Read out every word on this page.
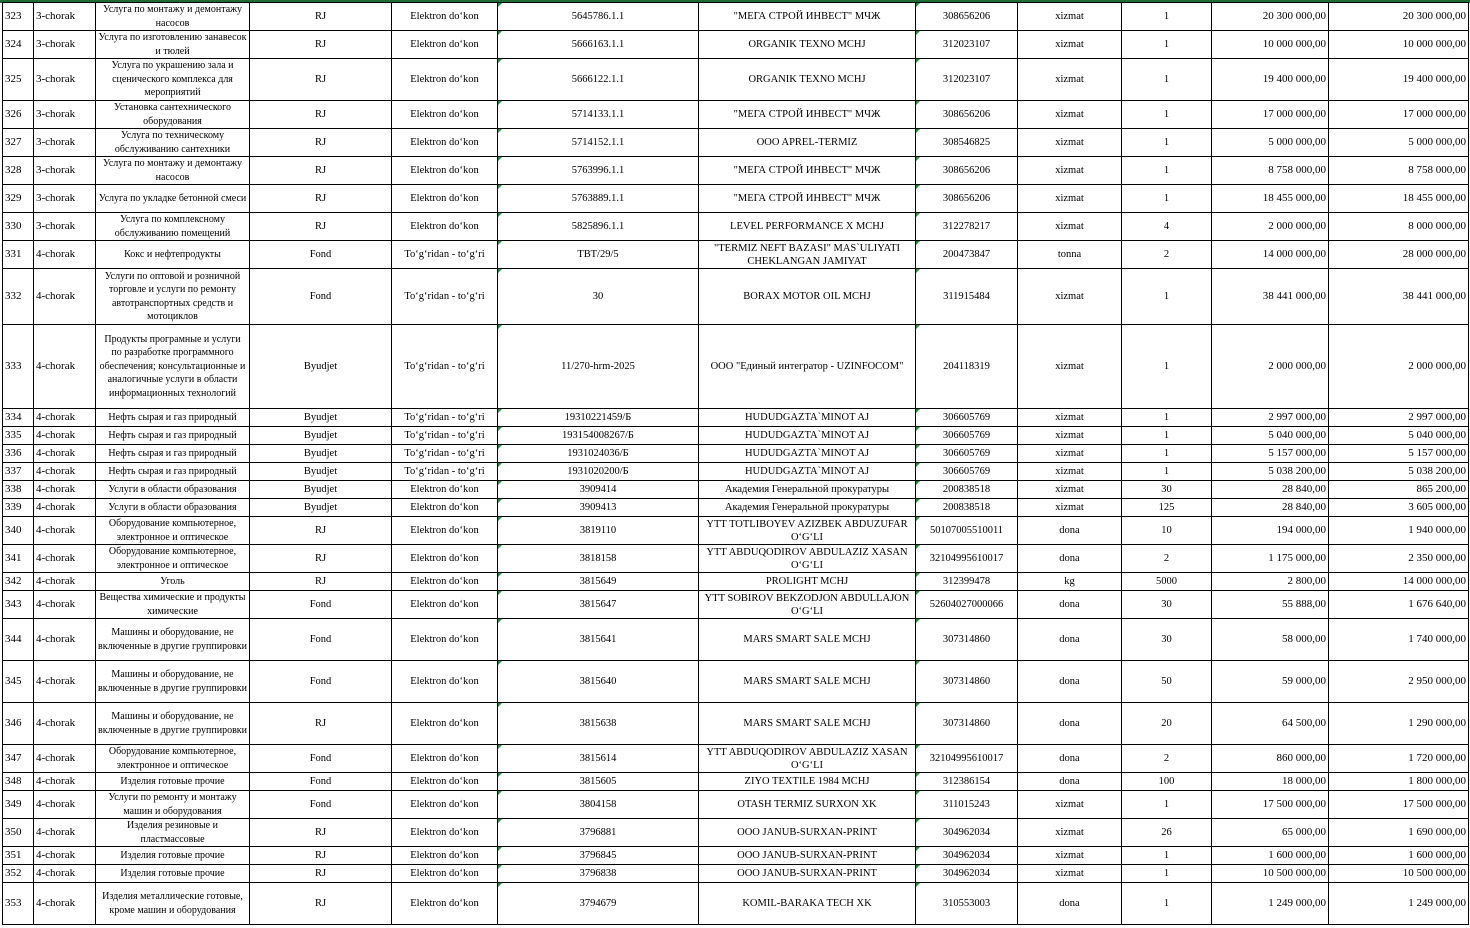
323	3-chorak	Услуга по монтажу и демонтажу насосов	RJ	Elektron do‘kon	5645786.1.1	"МЕГА СТРОЙ ИНВЕСТ" МЧЖ	308656206	xizmat	1	20 300 000,00	20 300 000,00
324	3-chorak	Услуга по изготовлению занавесок и тюлей	RJ	Elektron do‘kon	5666163.1.1	ORGANIK TEXNO MCHJ	312023107	xizmat	1	10 000 000,00	10 000 000,00
325	3-chorak	Услуга по украшению зала и сценического комплекса для мероприятий	RJ	Elektron do‘kon	5666122.1.1	ORGANIK TEXNO MCHJ	312023107	xizmat	1	19 400 000,00	19 400 000,00
326	3-chorak	Установка сантехнического оборудования	RJ	Elektron do‘kon	5714133.1.1	"МЕГА СТРОЙ ИНВЕСТ" МЧЖ	308656206	xizmat	1	17 000 000,00	17 000 000,00
327	3-chorak	Услуга по техническому обслуживанию сантехники	RJ	Elektron do‘kon	5714152.1.1	OOO APREL-TERMIZ	308546825	xizmat	1	5 000 000,00	5 000 000,00
328	3-chorak	Услуга по монтажу и демонтажу насосов	RJ	Elektron do‘kon	5763996.1.1	"МЕГА СТРОЙ ИНВЕСТ" МЧЖ	308656206	xizmat	1	8 758 000,00	8 758 000,00
329	3-chorak	Услуга по укладке бетонной смеси	RJ	Elektron do‘kon	5763889.1.1	"МЕГА СТРОЙ ИНВЕСТ" МЧЖ	308656206	xizmat	1	18 455 000,00	18 455 000,00
330	3-chorak	Услуга по комплексному обслуживанию помещений	RJ	Elektron do‘kon	5825896.1.1	LEVEL PERFORMANCE X MCHJ	312278217	xizmat	4	2 000 000,00	8 000 000,00
331	4-chorak	Кокс и нефтепродукты	Fond	To‘g‘ridan - to‘g‘ri	ТВТ/29/5	"TERMIZ NEFT BAZASI" MAS`ULIYATI CHEKLANGAN JAMIYAT	200473847	tonna	2	14 000 000,00	28 000 000,00
332	4-chorak	Услуги по оптовой и розничной торговле и услуги по ремонту автотранспортных средств и мотоциклов	Fond	To‘g‘ridan - to‘g‘ri	30	BORAX MOTOR OIL MCHJ	311915484	xizmat	1	38 441 000,00	38 441 000,00
333	4-chorak	Продукты програмные и услуги по разработке программного обеспечения; консультационные и аналогичные услуги в области информационных технологий	Byudjet	To‘g‘ridan - to‘g‘ri	11/270-hrm-2025	ООО "Единый интегратор - UZINFOCOM"	204118319	xizmat	1	2 000 000,00	2 000 000,00
334	4-chorak	Нефть сырая и газ природный	Byudjet	To‘g‘ridan - to‘g‘ri	19310221459/Б	HUDUDGAZTA`MINOT AJ	306605769	xizmat	1	2 997 000,00	2 997 000,00
335	4-chorak	Нефть сырая и газ природный	Byudjet	To‘g‘ridan - to‘g‘ri	193154008267/Б	HUDUDGAZTA`MINOT AJ	306605769	xizmat	1	5 040 000,00	5 040 000,00
336	4-chorak	Нефть сырая и газ природный	Byudjet	To‘g‘ridan - to‘g‘ri	1931024036/Б	HUDUDGAZTA`MINOT AJ	306605769	xizmat	1	5 157 000,00	5 157 000,00
337	4-chorak	Нефть сырая и газ природный	Byudjet	To‘g‘ridan - to‘g‘ri	1931020200/Б	HUDUDGAZTA`MINOT AJ	306605769	xizmat	1	5 038 200,00	5 038 200,00
338	4-chorak	Услуги в области образования	Byudjet	Elektron do‘kon	3909414	Академия Генеральной прокуратуры	200838518	xizmat	30	28 840,00	865 200,00
339	4-chorak	Услуги в области образования	Byudjet	Elektron do‘kon	3909413	Академия Генеральной прокуратуры	200838518	xizmat	125	28 840,00	3 605 000,00
340	4-chorak	Оборудование компьютерное, электронное и оптическое	RJ	Elektron do‘kon	3819110	YTT TOTLIBOYEV AZIZBEK ABDUZUFAR O‘G‘LI	50107005510011	dona	10	194 000,00	1 940 000,00
341	4-chorak	Оборудование компьютерное, электронное и оптическое	RJ	Elektron do‘kon	3818158	YTT ABDUQODIROV ABDULAZIZ XASAN O‘G‘LI	32104995610017	dona	2	1 175 000,00	2 350 000,00
342	4-chorak	Уголь	RJ	Elektron do‘kon	3815649	PROLIGHT MCHJ	312399478	kg	5000	2 800,00	14 000 000,00
343	4-chorak	Вещества химические и продукты химические	Fond	Elektron do‘kon	3815647	YTT SOBIROV BEKZODJON ABDULLAJON O‘G‘LI	52604027000066	dona	30	55 888,00	1 676 640,00
344	4-chorak	Машины и оборудование, не включенные в другие группировки	Fond	Elektron do‘kon	3815641	MARS SMART SALE MCHJ	307314860	dona	30	58 000,00	1 740 000,00
345	4-chorak	Машины и оборудование, не включенные в другие группировки	Fond	Elektron do‘kon	3815640	MARS SMART SALE MCHJ	307314860	dona	50	59 000,00	2 950 000,00
346	4-chorak	Машины и оборудование, не включенные в другие группировки	RJ	Elektron do‘kon	3815638	MARS SMART SALE MCHJ	307314860	dona	20	64 500,00	1 290 000,00
347	4-chorak	Оборудование компьютерное, электронное и оптическое	Fond	Elektron do‘kon	3815614	YTT ABDUQODIROV ABDULAZIZ XASAN O‘G‘LI	32104995610017	dona	2	860 000,00	1 720 000,00
348	4-chorak	Изделия готовые прочие	Fond	Elektron do‘kon	3815605	ZIYO TEXTILE 1984 MCHJ	312386154	dona	100	18 000,00	1 800 000,00
349	4-chorak	Услуги по ремонту и монтажу машин и оборудования	Fond	Elektron do‘kon	3804158	OTASH TERMIZ SURXON XK	311015243	xizmat	1	17 500 000,00	17 500 000,00
350	4-chorak	Изделия резиновые и пластмассовые	RJ	Elektron do‘kon	3796881	OOO JANUB-SURXAN-PRINT	304962034	xizmat	26	65 000,00	1 690 000,00
351	4-chorak	Изделия готовые прочие	RJ	Elektron do‘kon	3796845	OOO JANUB-SURXAN-PRINT	304962034	xizmat	1	1 600 000,00	1 600 000,00
352	4-chorak	Изделия готовые прочие	RJ	Elektron do‘kon	3796838	OOO JANUB-SURXAN-PRINT	304962034	xizmat	1	10 500 000,00	10 500 000,00
353	4-chorak	Изделия металлические готовые, кроме машин и оборудования	RJ	Elektron do‘kon	3794679	KOMIL-BARAKA TECH XK	310553003	dona	1	1 249 000,00	1 249 000,00
